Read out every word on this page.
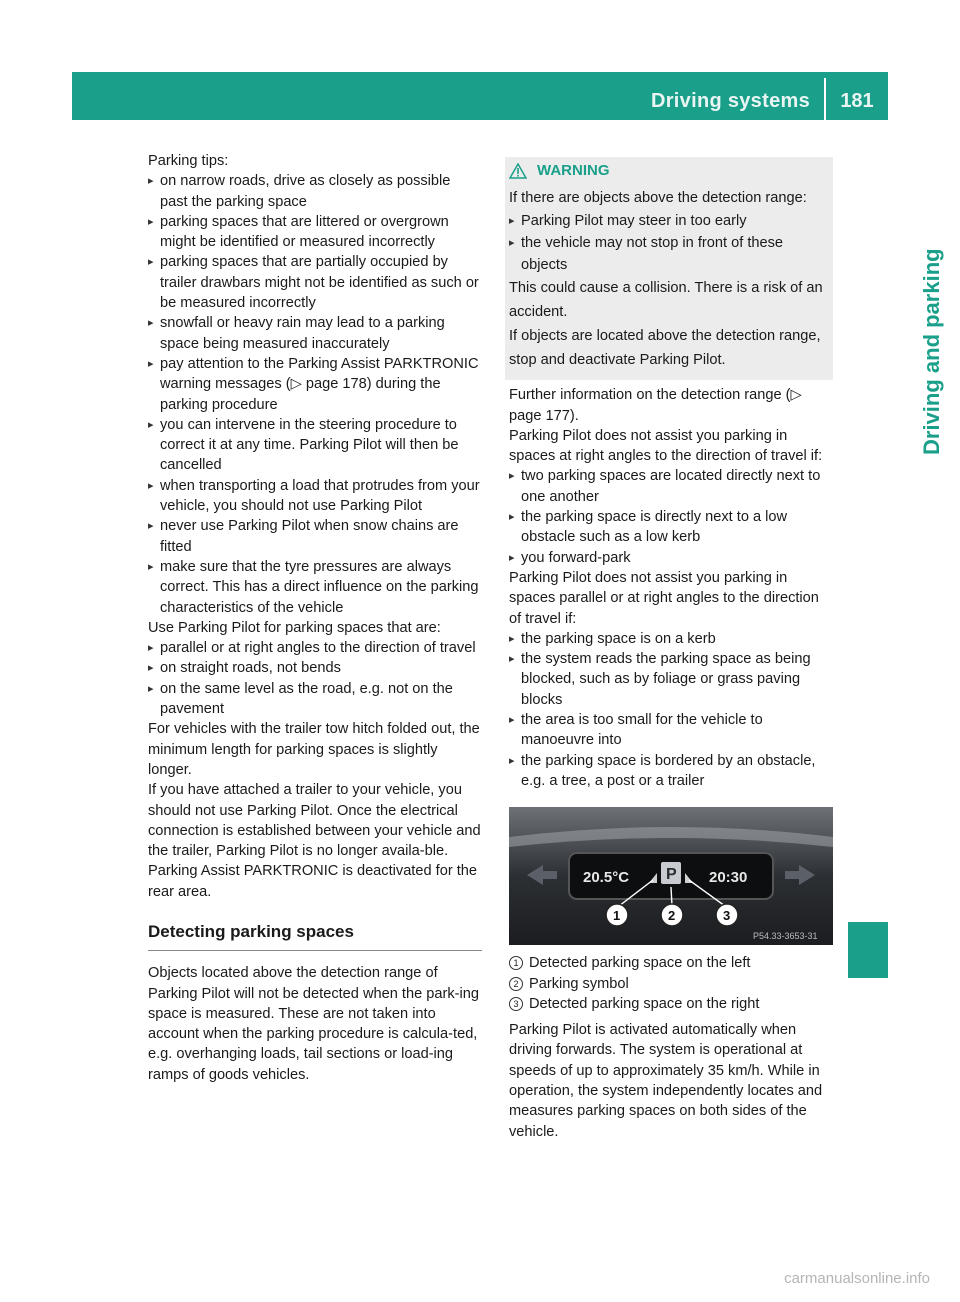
Driving systems	181
Driving and parking

Parking tips:

▸ on narrow roads, drive as closely as possible past the parking space
▸ parking spaces that are littered or overgrown might be identified or measured incorrectly
▸ parking spaces that are partially occupied by trailer drawbars might not be identified as such or be measured incorrectly
▸ snowfall or heavy rain may lead to a parking space being measured inaccurately
▸ pay attention to the Parking Assist PARKTRONIC warning messages (▷ page 178) during the parking procedure
▸ you can intervene in the steering procedure to correct it at any time. Parking Pilot will then be cancelled
▸ when transporting a load that protrudes from your vehicle, you should not use Parking Pilot
▸ never use Parking Pilot when snow chains are fitted
▸ make sure that the tyre pressures are always correct. This has a direct influence on the parking characteristics of the vehicle

Use Parking Pilot for parking spaces that are:

▸ parallel or at right angles to the direction of travel
▸ on straight roads, not bends
▸ on the same level as the road, e.g. not on the pavement

For vehicles with the trailer tow hitch folded out, the minimum length for parking spaces is slightly longer.

If you have attached a trailer to your vehicle, you should not use Parking Pilot. Once the electrical connection is established between your vehicle and the trailer, Parking Pilot is no longer availa-ble. Parking Assist PARKTRONIC is deactivated for the rear area.

Detecting parking spaces

Objects located above the detection range of Parking Pilot will not be detected when the park-ing space is measured. These are not taken into account when the parking procedure is calcula-ted, e.g. overhanging loads, tail sections or load-ing ramps of goods vehicles.

WARNING

If there are objects above the detection range:

▸ Parking Pilot may steer in too early
▸ the vehicle may not stop in front of these objects

This could cause a collision. There is a risk of an accident.

If objects are located above the detection range, stop and deactivate Parking Pilot.

Further information on the detection range (▷ page 177).

Parking Pilot does not assist you parking in spaces at right angles to the direction of travel if:

▸ two parking spaces are located directly next to one another
▸ the parking space is directly next to a low obstacle such as a low kerb
▸ you forward-park

Parking Pilot does not assist you parking in spaces parallel or at right angles to the direction of travel if:

▸ the parking space is on a kerb
▸ the system reads the parking space as being blocked, such as by foliage or grass paving blocks
▸ the area is too small for the vehicle to manoeuvre into
▸ the parking space is bordered by an obstacle, e.g. a tree, a post or a trailer
20.5°C P 20:30
1	2	3
P54.33-3653-31
1 Detected parking space on the left
2 Parking symbol
3 Detected parking space on the right

Parking Pilot is activated automatically when driving forwards. The system is operational at speeds of up to approximately 35 km/h. While in operation, the system independently locates and measures parking spaces on both sides of the vehicle.

carmanualsonline.info
